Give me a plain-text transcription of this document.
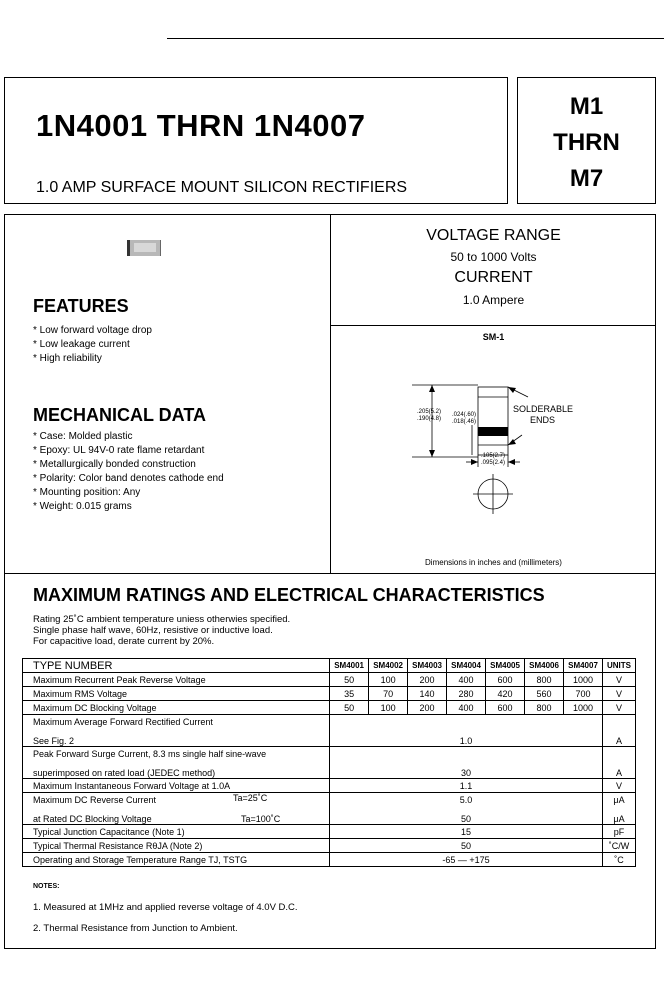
1N4001 THRN 1N4007
1.0 AMP SURFACE MOUNT SILICON RECTIFIERS
M1
THRN
M7
FEATURES
* Low forward voltage drop
* Low leakage current
* High reliability
MECHANICAL DATA
* Case: Molded plastic
* Epoxy: UL 94V-0 rate flame retardant
* Metallurgically bonded construction
* Polarity: Color band denotes cathode end
* Mounting position: Any
* Weight: 0.015 grams
VOLTAGE RANGE
50 to 1000 Volts
CURRENT
1.0 Ampere
SM-1
.205(5.2)
.190(4.8)
.024(.60)
.018(.46)
.105(2.7)
.095(2.4)
SOLDERABLE
ENDS
Dimensions in inches and (millimeters)
MAXIMUM RATINGS AND ELECTRICAL CHARACTERISTICS
Rating 25˚C ambient temperature uniess otherwies specified.
Single phase half wave, 60Hz, resistive or inductive load.
For capacitive load, derate current by 20%.
TYPE NUMBER	SM4001	SM4002	SM4003	SM4004	SM4005	SM4006	SM4007	UNITS
Maximum Recurrent Peak Reverse Voltage	50	100	200	400	600	800	1000	V
Maximum RMS Voltage	35	70	140	280	420	560	700	V
Maximum DC Blocking Voltage	50	100	200	400	600	800	1000	V
Maximum Average Forward Rectified Current								
See Fig. 2	1.0							A
Peak Forward Surge Current, 8.3 ms single half sine-wave								
superimposed on rated load (JEDEC method)	30							A
Maximum Instantaneous Forward Voltage at 1.0A	1.1							V
Maximum DC Reverse Current Ta=25˚C	5.0							μA
at Rated DC Blocking Voltage Ta=100˚C	50							μA
Typical Junction Capacitance (Note 1)	15							pF
Typical Thermal Resistance RθJA (Note 2)	50							˚C/W
Operating and Storage Temperature Range TJ, TSTG	-65 — +175							˚C
NOTES:
1. Measured at 1MHz and applied reverse voltage of 4.0V D.C.
2. Thermal Resistance from Junction to Ambient.
